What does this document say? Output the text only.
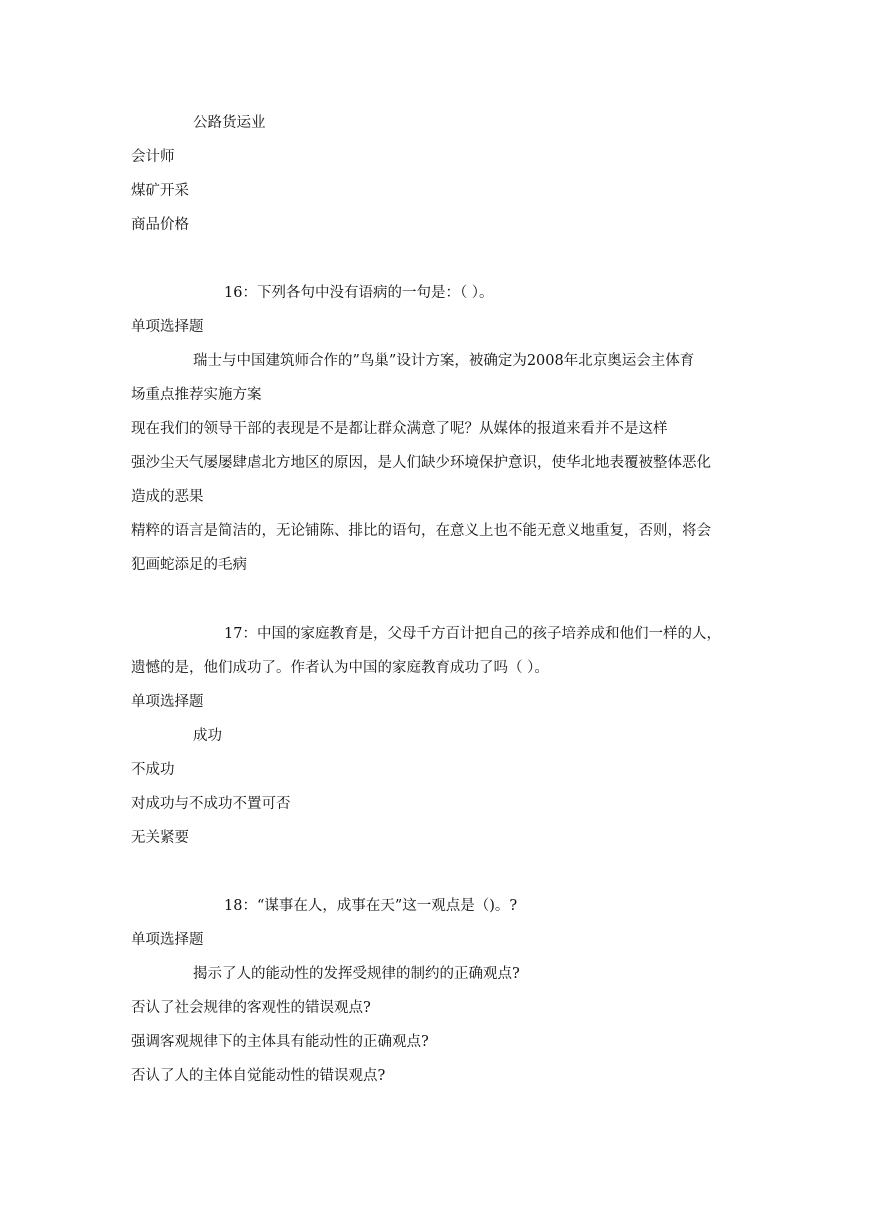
公路货运业
会计师
煤矿开采
商品价格
16：下列各句中没有语病的一句是：（ ）。
单项选择题
瑞士与中国建筑师合作的”鸟巢”设计方案，被确定为2008年北京奥运会主体育
场重点推荐实施方案
现在我们的领导干部的表现是不是都让群众满意了呢？从媒体的报道来看并不是这样
强沙尘天气屡屡肆虐北方地区的原因，是人们缺少环境保护意识，使华北地表覆被整体恶化
造成的恶果
精粹的语言是简洁的，无论铺陈、排比的语句，在意义上也不能无意义地重复，否则，将会
犯画蛇添足的毛病
17：中国的家庭教育是，父母千方百计把自己的孩子培养成和他们一样的人，
遗憾的是，他们成功了。作者认为中国的家庭教育成功了吗（ ）。
单项选择题
成功
不成功
对成功与不成功不置可否
无关紧要
18：“谋事在人，成事在天”这一观点是（)。?
单项选择题
揭示了人的能动性的发挥受规律的制约的正确观点?
否认了社会规律的客观性的错误观点?
强调客观规律下的主体具有能动性的正确观点?
否认了人的主体自觉能动性的错误观点?
